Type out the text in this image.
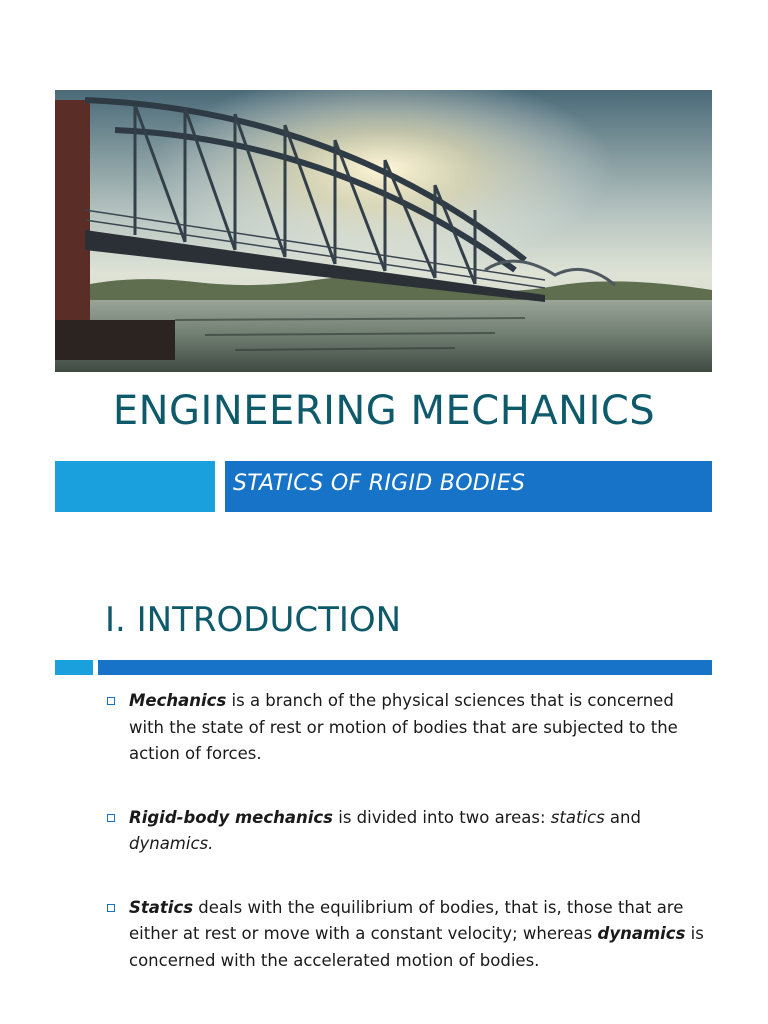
ENGINEERING MECHANICS
STATICS OF RIGID BODIES
I. INTRODUCTION
Mechanics is a branch of the physical sciences that is concerned with the state of rest or motion of bodies that are subjected to the action of forces.
Rigid-body mechanics is divided into two areas: statics and dynamics.
Statics deals with the equilibrium of bodies, that is, those that are either at rest or move with a constant velocity; whereas dynamics is concerned with the accelerated motion of bodies.
